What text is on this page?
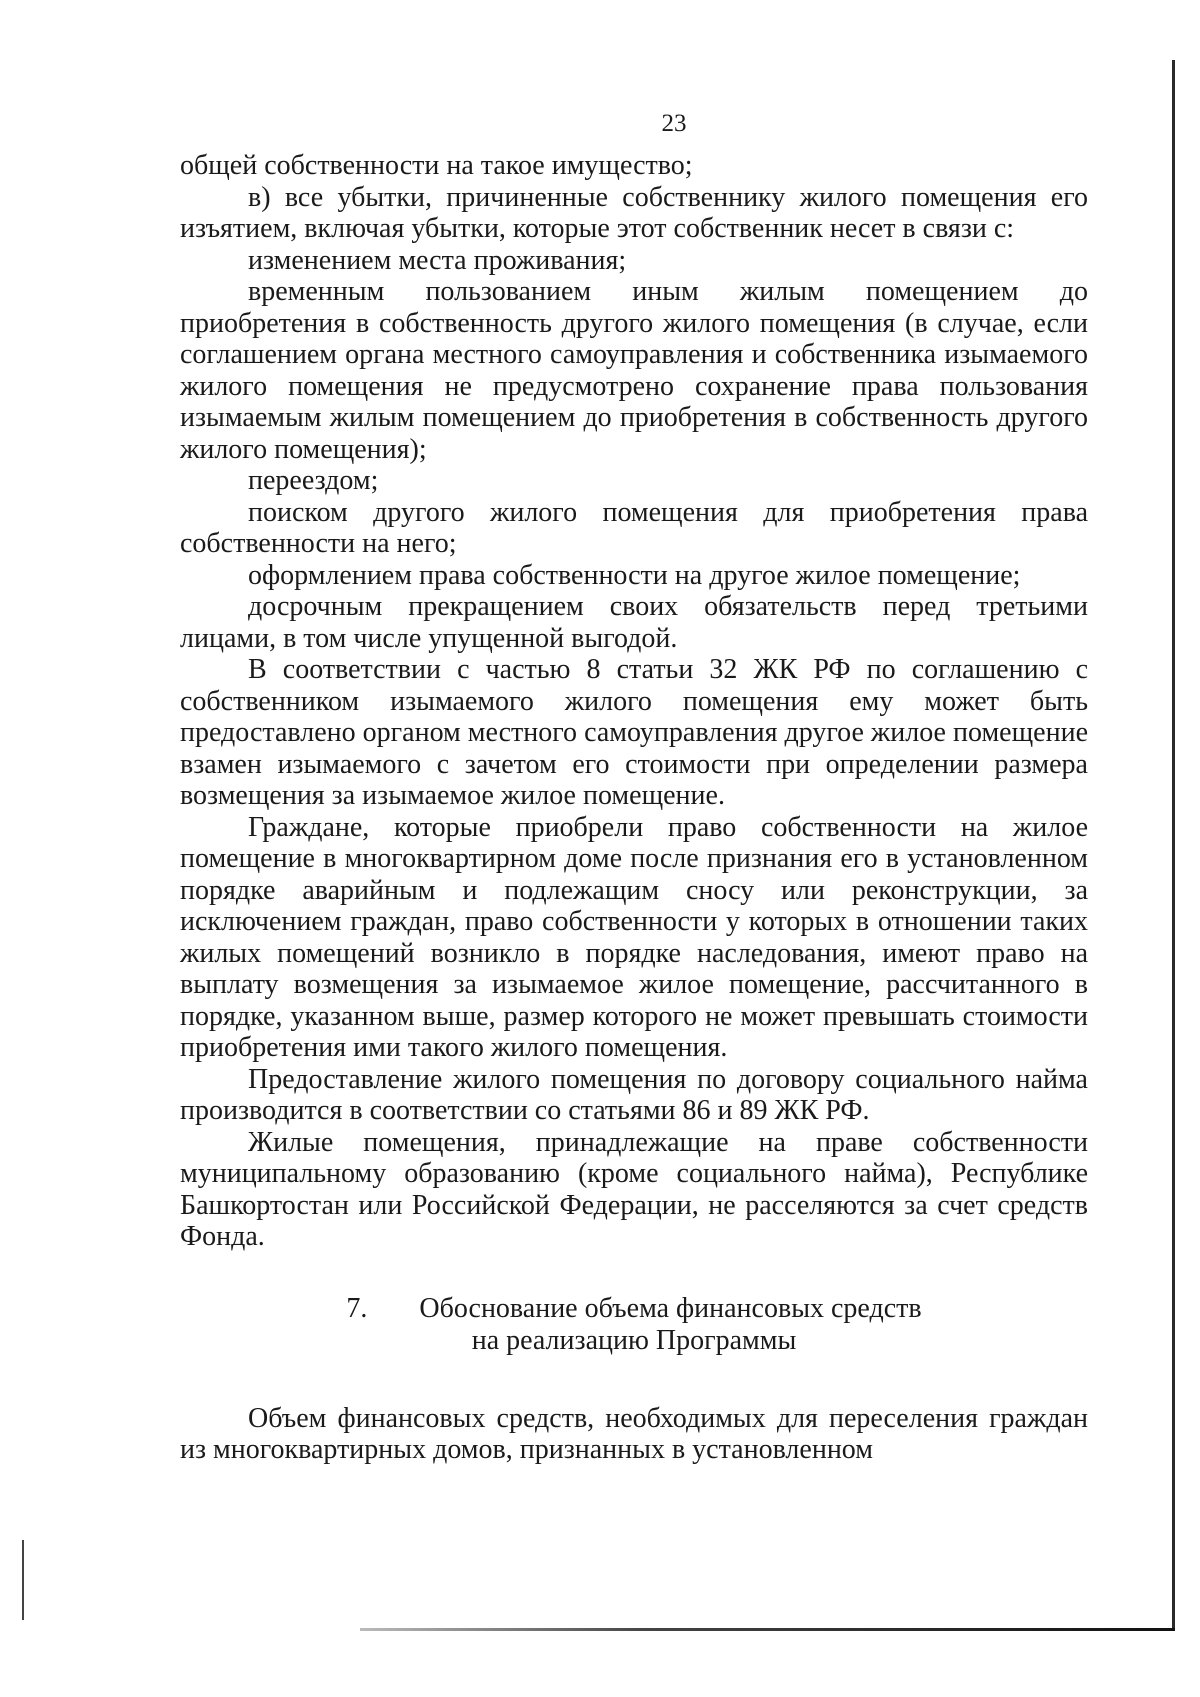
23

общей собственности на такое имущество;

в) все убытки, причиненные собственнику жилого помещения его изъятием, включая убытки, которые этот собственник несет в связи с:

изменением места проживания;

временным пользованием иным жилым помещением до приобретения в собственность другого жилого помещения (в случае, если соглашением органа местного самоуправления и собственника изымаемого жилого помещения не предусмотрено сохранение права пользования изымаемым жилым помещением до приобретения в собственность другого жилого помещения);

переездом;

поиском другого жилого помещения для приобретения права собственности на него;

оформлением права собственности на другое жилое помещение;

досрочным прекращением своих обязательств перед третьими лицами, в том числе упущенной выгодой.

В соответствии с частью 8 статьи 32 ЖК РФ по соглашению с собственником изымаемого жилого помещения ему может быть предоставлено органом местного самоуправления другое жилое помещение взамен изымаемого с зачетом его стоимости при определении размера возмещения за изымаемое жилое помещение.

Граждане, которые приобрели право собственности на жилое помещение в многоквартирном доме после признания его в установленном порядке аварийным и подлежащим сносу или реконструкции, за исключением граждан, право собственности у которых в отношении таких жилых помещений возникло в порядке наследования, имеют право на выплату возмещения за изымаемое жилое помещение, рассчитанного в порядке, указанном выше, размер которого не может превышать стоимости приобретения ими такого жилого помещения.

Предоставление жилого помещения по договору социального найма производится в соответствии со статьями 86 и 89 ЖК РФ.

Жилые помещения, принадлежащие на праве собственности муниципальному образованию (кроме социального найма), Республике Башкортостан или Российской Федерации, не расселяются за счет средств Фонда.

7. Обоснование объема финансовых средств
на реализацию Программы

Объем финансовых средств, необходимых для переселения граждан из многоквартирных домов, признанных в установленном
